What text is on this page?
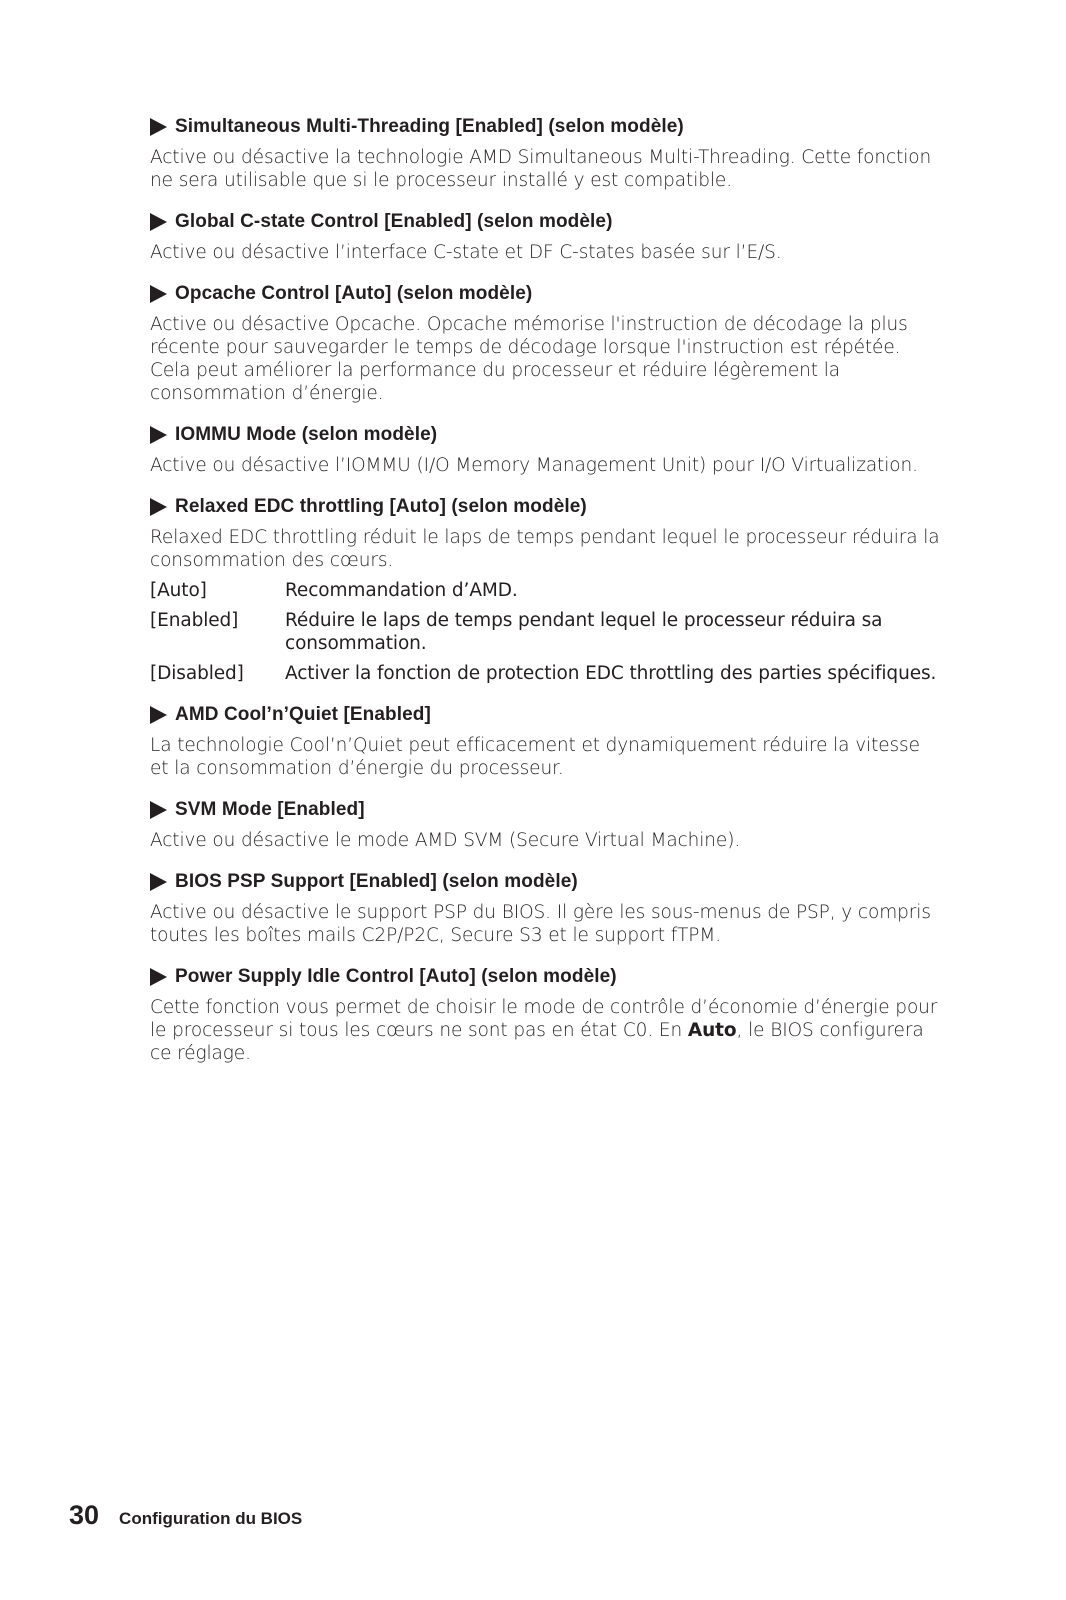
Simultaneous Multi-Threading [Enabled] (selon modèle)
Active ou désactive la technologie AMD Simultaneous Multi-Threading. Cette fonction ne sera utilisable que si le processeur installé y est compatible.
Global C-state Control [Enabled] (selon modèle)
Active ou désactive l’interface C-state et DF C-states basée sur l’E/S.
Opcache Control [Auto] (selon modèle)
Active ou désactive Opcache. Opcache mémorise l'instruction de décodage la plus récente pour sauvegarder le temps de décodage lorsque l'instruction est répétée. Cela peut améliorer la performance du processeur et réduire légèrement la consommation d’énergie.
IOMMU Mode (selon modèle)
Active ou désactive l’IOMMU (I/O Memory Management Unit) pour I/O Virtualization.
Relaxed EDC throttling [Auto] (selon modèle)
Relaxed EDC throttling réduit le laps de temps pendant lequel le processeur réduira la consommation des cœurs.
[Auto]	Recommandation d’AMD.
[Enabled]	Réduire le laps de temps pendant lequel le processeur réduira sa consommation.
[Disabled]	Activer la fonction de protection EDC throttling des parties spécifiques.
AMD Cool’n’Quiet [Enabled]
La technologie Cool’n’Quiet peut efficacement et dynamiquement réduire la vitesse et la consommation d’énergie du processeur.
SVM Mode [Enabled]
Active ou désactive le mode AMD SVM (Secure Virtual Machine).
BIOS PSP Support [Enabled] (selon modèle)
Active ou désactive le support PSP du BIOS. Il gère les sous-menus de PSP, y compris toutes les boîtes mails C2P/P2C, Secure S3 et le support fTPM.
Power Supply Idle Control [Auto] (selon modèle)
Cette fonction vous permet de choisir le mode de contrôle d’économie d’énergie pour le processeur si tous les cœurs ne sont pas en état C0. En Auto, le BIOS configurera ce réglage.
30 Configuration du BIOS
